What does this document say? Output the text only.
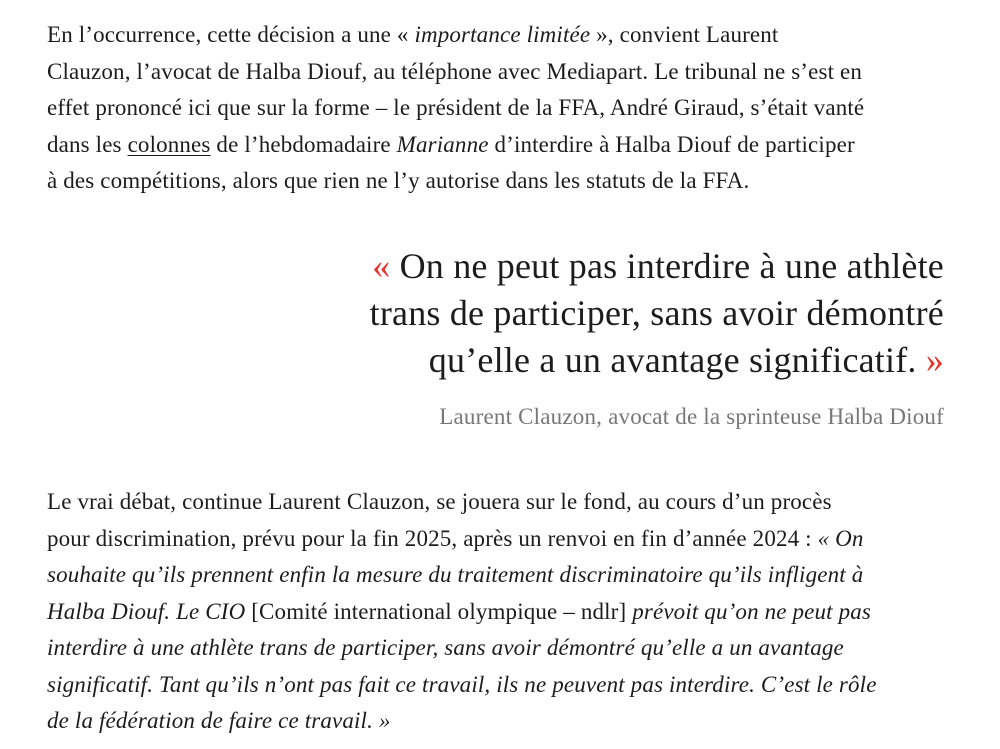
En l’occurrence, cette décision a une « importance limitée », convient Laurent
Clauzon, l’avocat de Halba Diouf, au téléphone avec Mediapart. Le tribunal ne s’est en
effet prononcé ici que sur la forme – le président de la FFA, André Giraud, s’était vanté
dans les colonnes de l’hebdomadaire Marianne d’interdire à Halba Diouf de participer
à des compétitions, alors que rien ne l’y autorise dans les statuts de la FFA.

« On ne peut pas interdire à une athlète
trans de participer, sans avoir démontré
qu’elle a un avantage significatif. »

Laurent Clauzon, avocat de la sprinteuse Halba Diouf

Le vrai débat, continue Laurent Clauzon, se jouera sur le fond, au cours d’un procès
pour discrimination, prévu pour la fin 2025, après un renvoi en fin d’année 2024 : « On
souhaite qu’ils prennent enfin la mesure du traitement discriminatoire qu’ils infligent à
Halba Diouf. Le CIO [Comité international olympique – ndlr] prévoit qu’on ne peut pas
interdire à une athlète trans de participer, sans avoir démontré qu’elle a un avantage
significatif. Tant qu’ils n’ont pas fait ce travail, ils ne peuvent pas interdire. C’est le rôle
de la fédération de faire ce travail. »
